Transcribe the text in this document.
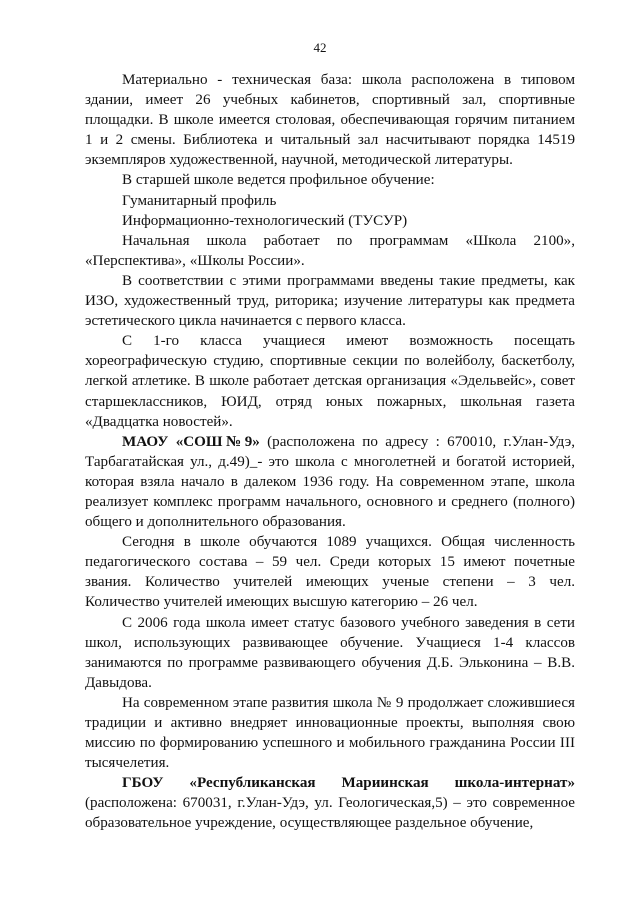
42

Материально - техническая база: школа расположена в типовом здании, имеет 26 учебных кабинетов, спортивный зал, спортивные площадки. В школе имеется столовая, обеспечивающая горячим питанием 1 и 2 смены. Библиотека и читальный зал насчитывают порядка 14519 экземпляров художественной, научной, методической литературы.

В старшей школе ведется профильное обучение:

Гуманитарный профиль

Информационно-технологический (ТУСУР)

Начальная школа работает по программам «Школа 2100», «Перспектива», «Школы России».

В соответствии с этими программами введены такие предметы, как ИЗО, художественный труд, риторика; изучение литературы как предмета эстетического цикла начинается с первого класса.

С 1-го класса учащиеся имеют возможность посещать хореографическую студию, спортивные секции по волейболу, баскетболу, легкой атлетике. В школе работает детская организация «Эдельвейс», совет старшеклассников, ЮИД, отряд юных пожарных, школьная газета «Двадцатка новостей».

МАОУ «СОШ№9» (расположена по адресу : 670010, г.Улан-Удэ, Тарбагатайская ул., д.49)_- это школа с многолетней и богатой историей, которая взяла начало в далеком 1936 году. На современном этапе, школа реализует комплекс программ начального, основного и среднего (полного) общего и дополнительного образования.

Сегодня в школе обучаются 1089 учащихся. Общая численность педагогического состава – 59 чел. Среди которых 15 имеют почетные звания. Количество учителей имеющих ученые степени – 3 чел. Количество учителей имеющих высшую категорию – 26 чел.

С 2006 года школа имеет статус базового учебного заведения в сети школ, использующих развивающее обучение. Учащиеся 1-4 классов занимаются по программе развивающего обучения Д.Б. Эльконина – В.В. Давыдова.

На современном этапе развития школа № 9 продолжает сложившиеся традиции и активно внедряет инновационные проекты, выполняя свою миссию по формированию успешного и мобильного гражданина России III тысячелетия.

ГБОУ «Республиканская Мариинская школа-интернат» (расположена: 670031, г.Улан-Удэ, ул. Геологическая,5) – это современное образовательное учреждение, осуществляющее раздельное обучение,
